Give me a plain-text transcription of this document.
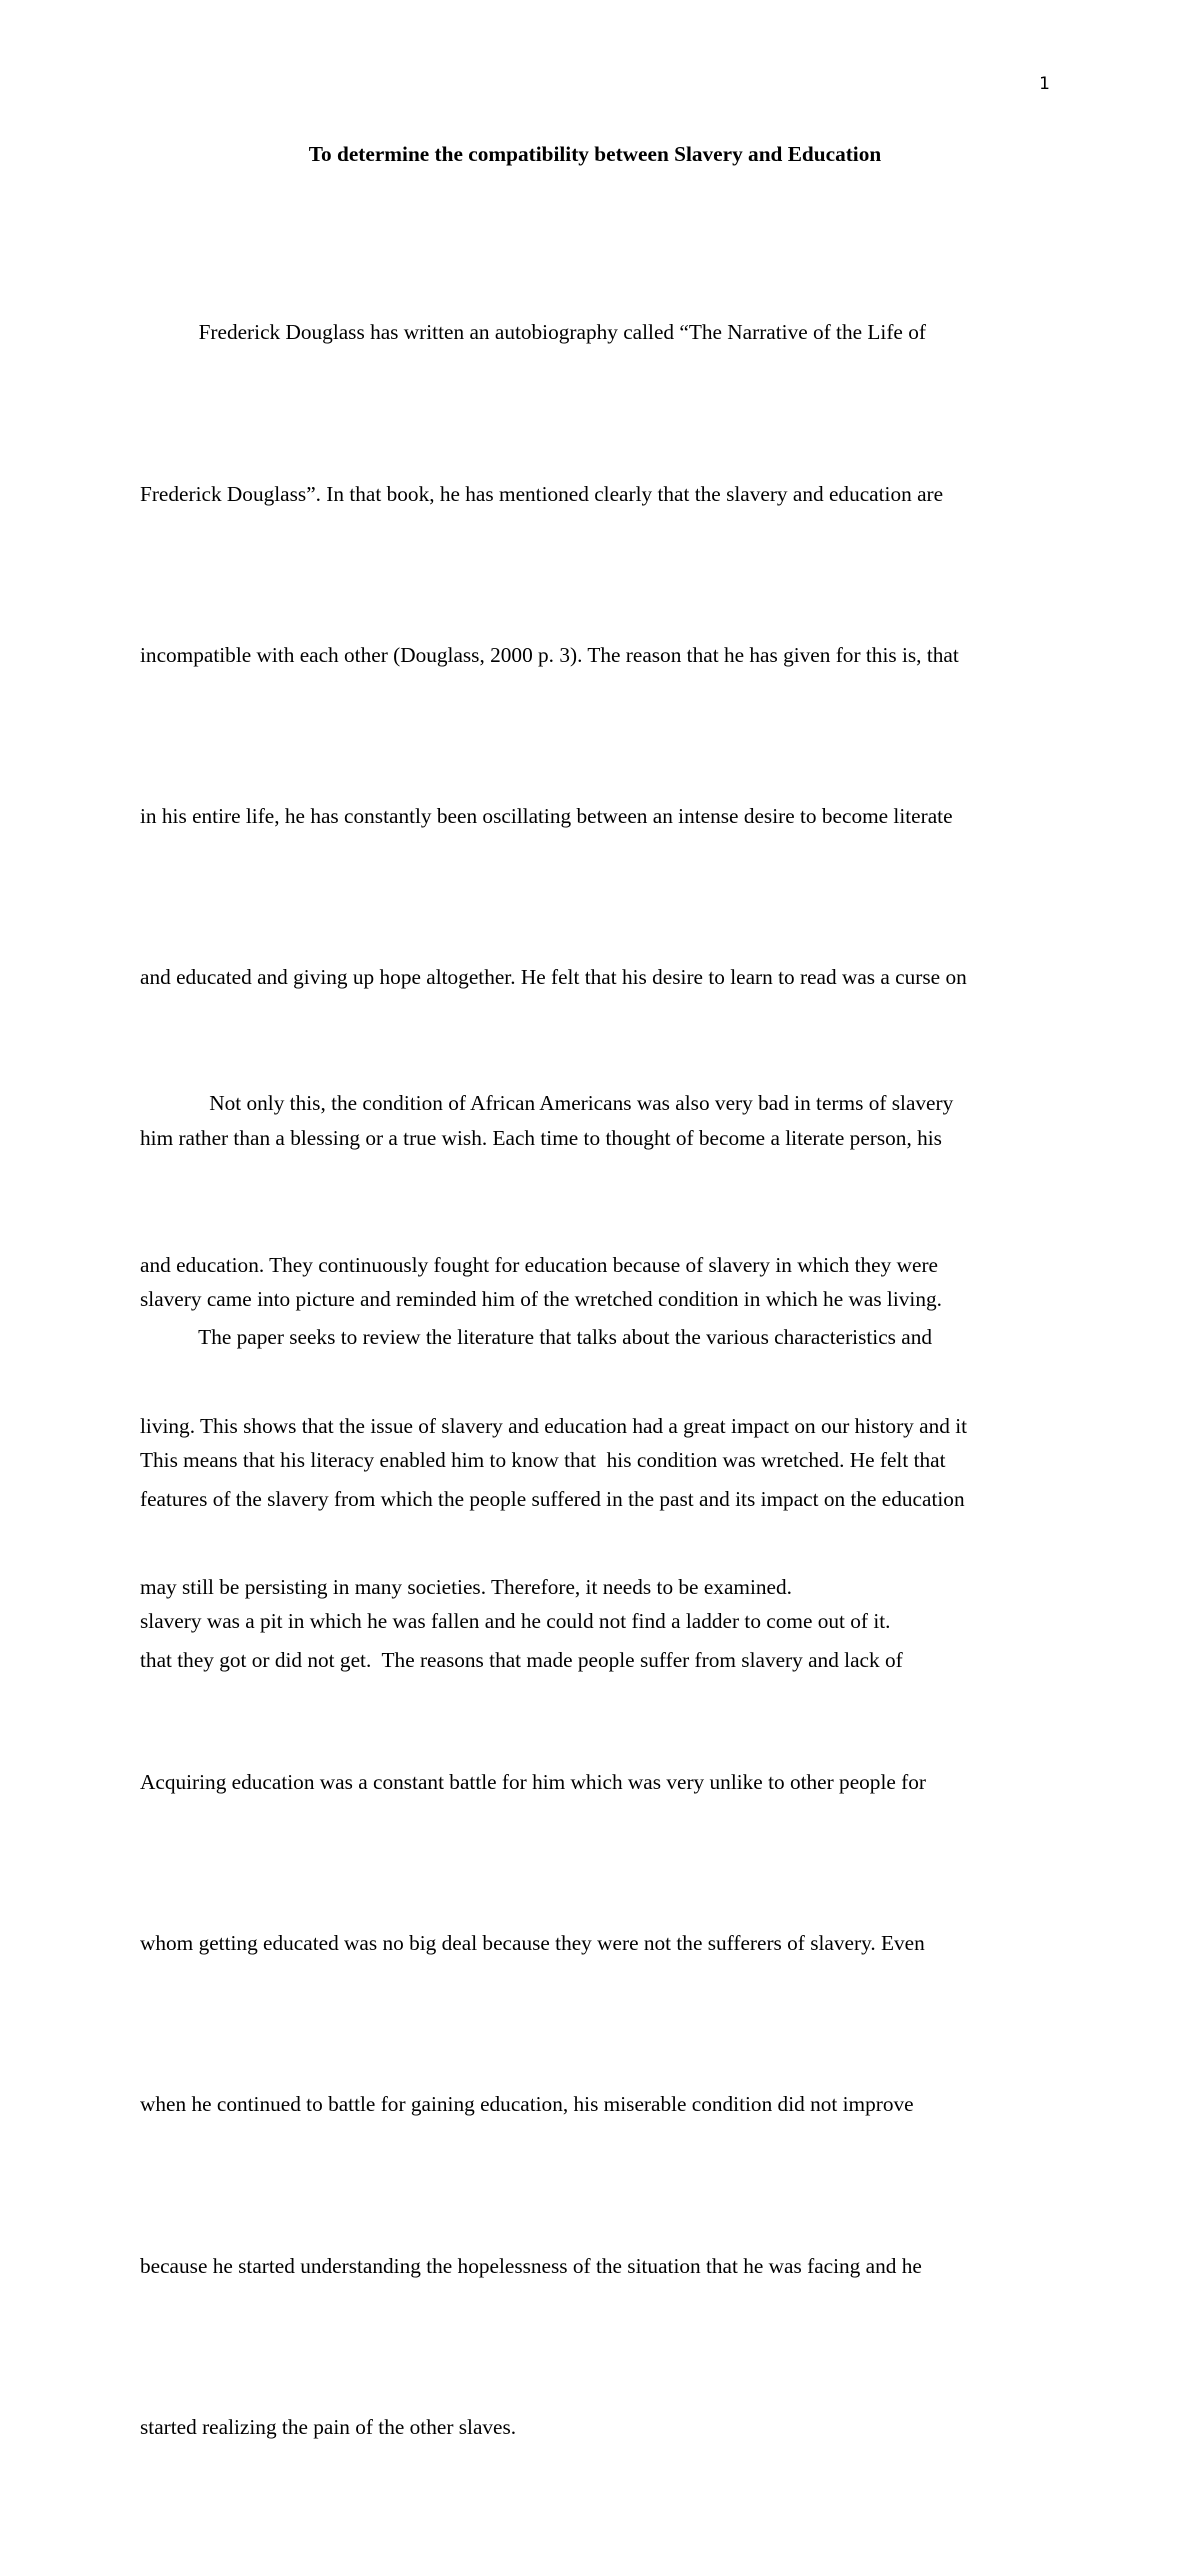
1
To determine the compatibility between Slavery and Education

Frederick Douglass has written an autobiography called “The Narrative of the Life of

Frederick Douglass”. In that book, he has mentioned clearly that the slavery and education are

incompatible with each other (Douglass, 2000 p. 3). The reason that he has given for this is, that

in his entire life, he has constantly been oscillating between an intense desire to become literate

and educated and giving up hope altogether. He felt that his desire to learn to read was a curse on

him rather than a blessing or a true wish. Each time to thought of become a literate person, his

slavery came into picture and reminded him of the wretched condition in which he was living.

This means that his literacy enabled him to know that  his condition was wretched. He felt that

slavery was a pit in which he was fallen and he could not find a ladder to come out of it.

Acquiring education was a constant battle for him which was very unlike to other people for

whom getting educated was no big deal because they were not the sufferers of slavery. Even

when he continued to battle for gaining education, his miserable condition did not improve

because he started understanding the hopelessness of the situation that he was facing and he

started realizing the pain of the other slaves.

Not only this, the condition of African Americans was also very bad in terms of slavery

and education. They continuously fought for education because of slavery in which they were

living. This shows that the issue of slavery and education had a great impact on our history and it

may still be persisting in many societies. Therefore, it needs to be examined.

The paper seeks to review the literature that talks about the various characteristics and

features of the slavery from which the people suffered in the past and its impact on the education

that they got or did not get.  The reasons that made people suffer from slavery and lack of
